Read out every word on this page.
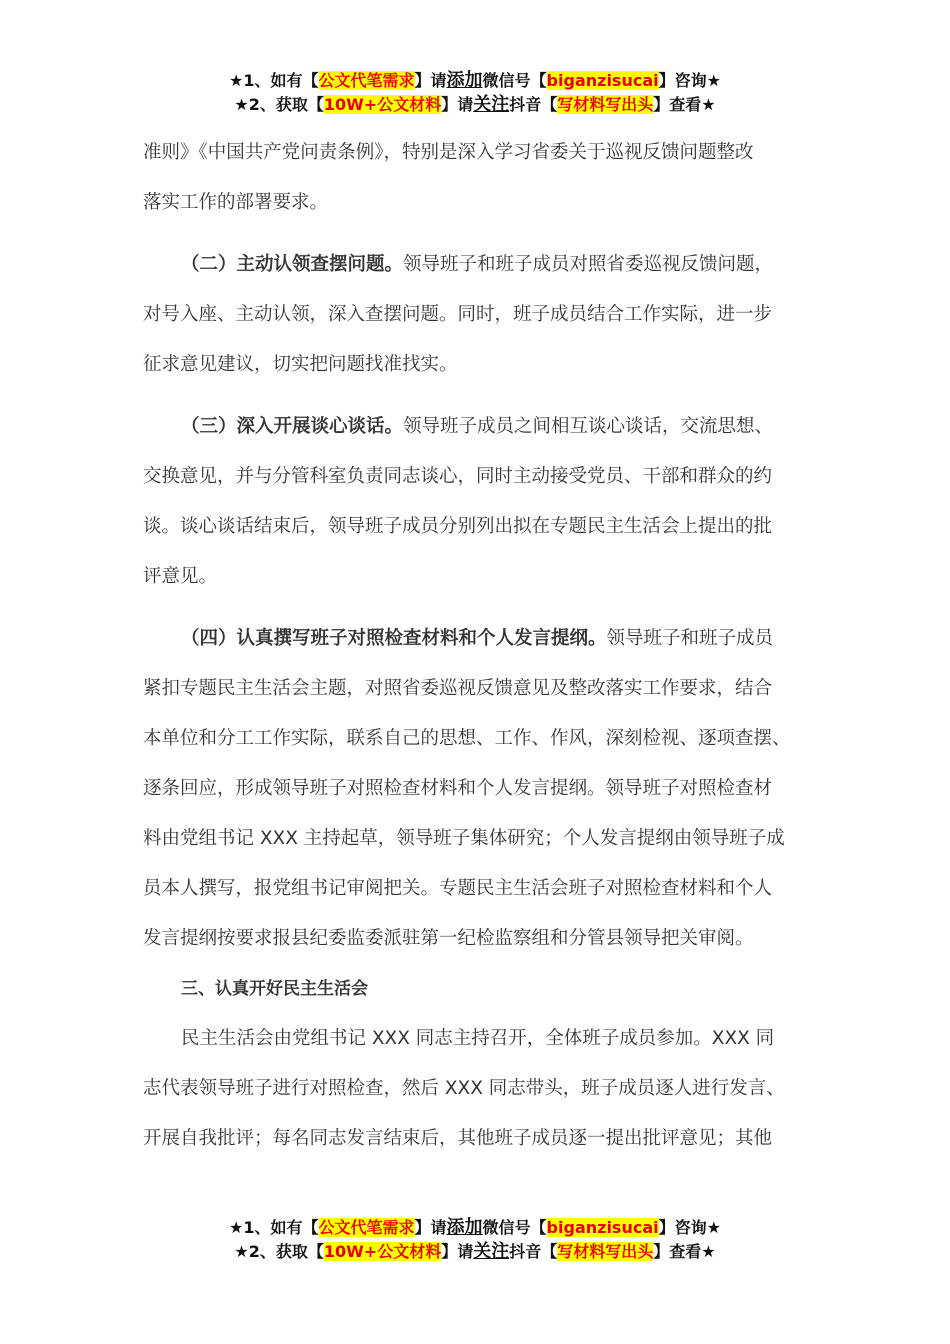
★1、如有【公文代笔需求】请添加微信号【biganzisucai】咨询★
★2、获取【10W+公文材料】请关注抖音【写材料写出头】查看★

准则》《中国共产党问责条例》，特别是深入学习省委关于巡视反馈问题整改

落实工作的部署要求。

（二）主动认领查摆问题。领导班子和班子成员对照省委巡视反馈问题，

对号入座、主动认领，深入查摆问题。同时，班子成员结合工作实际，进一步

征求意见建议，切实把问题找准找实。

（三）深入开展谈心谈话。领导班子成员之间相互谈心谈话，交流思想、

交换意见，并与分管科室负责同志谈心，同时主动接受党员、干部和群众的约

谈。谈心谈话结束后，领导班子成员分别列出拟在专题民主生活会上提出的批

评意见。

（四）认真撰写班子对照检查材料和个人发言提纲。领导班子和班子成员

紧扣专题民主生活会主题，对照省委巡视反馈意见及整改落实工作要求，结合

本单位和分工工作实际，联系自己的思想、工作、作风，深刻检视、逐项查摆、

逐条回应，形成领导班子对照检查材料和个人发言提纲。领导班子对照检查材

料由党组书记 XXX 主持起草，领导班子集体研究；个人发言提纲由领导班子成

员本人撰写，报党组书记审阅把关。专题民主生活会班子对照检查材料和个人

发言提纲按要求报县纪委监委派驻第一纪检监察组和分管县领导把关审阅。

三、认真开好民主生活会

民主生活会由党组书记 XXX 同志主持召开，全体班子成员参加。XXX 同

志代表领导班子进行对照检查，然后 XXX 同志带头，班子成员逐人进行发言、

开展自我批评；每名同志发言结束后，其他班子成员逐一提出批评意见；其他

★1、如有【公文代笔需求】请添加微信号【biganzisucai】咨询★
★2、获取【10W+公文材料】请关注抖音【写材料写出头】查看★
